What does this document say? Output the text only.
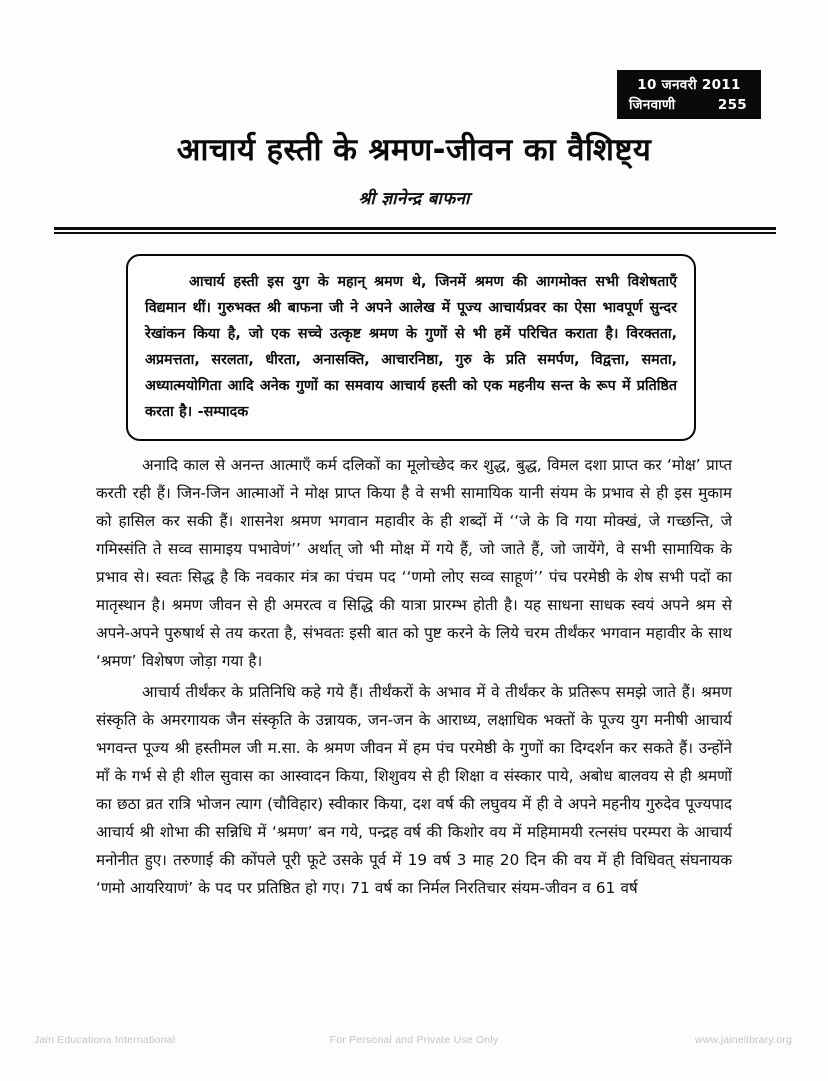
10 जनवरी 2011
जिनवाणी	255
आचार्य हस्ती के श्रमण-जीवन का वैशिष्ट्य

श्री ज्ञानेन्द्र बाफना

आचार्य हस्ती इस युग के महान् श्रमण थे, जिनमें श्रमण की आगमोक्त सभी विशेषताएँ विद्यमान थीं। गुरुभक्त श्री बाफना जी ने अपने आलेख में पूज्य आचार्यप्रवर का ऐसा भावपूर्ण सुन्दर रेखांकन किया है, जो एक सच्चे उत्कृष्ट श्रमण के गुणों से भी हमें परिचित कराता है। विरक्तता, अप्रमत्तता, सरलता, धीरता, अनासक्ति, आचारनिष्ठा, गुरु के प्रति समर्पण, विद्वत्ता, समता, अध्यात्मयोगिता आदि अनेक गुणों का समवाय आचार्य हस्ती को एक महनीय सन्त के रूप में प्रतिष्ठित करता है। -सम्पादक

अनादि काल से अनन्त आत्माएँ कर्म दलिकों का मूलोच्छेद कर शुद्ध, बुद्ध, विमल दशा प्राप्त कर ‘मोक्ष’ प्राप्त करती रही हैं। जिन-जिन आत्माओं ने मोक्ष प्राप्त किया है वे सभी सामायिक यानी संयम के प्रभाव से ही इस मुकाम को हासिल कर सकी हैं। शासनेश श्रमण भगवान महावीर के ही शब्दों में ‘‘जे के वि गया मोक्खं, जे गच्छन्ति, जे गमिस्संति ते सव्व सामाइय पभावेणं’’ अर्थात् जो भी मोक्ष में गये हैं, जो जाते हैं, जो जायेंगे, वे सभी सामायिक के प्रभाव से। स्वतः सिद्ध है कि नवकार मंत्र का पंचम पद ‘‘णमो लोए सव्व साहूणं’’ पंच परमेष्ठी के शेष सभी पदों का मातृस्थान है। श्रमण जीवन से ही अमरत्व व सिद्धि की यात्रा प्रारम्भ होती है। यह साधना साधक स्वयं अपने श्रम से अपने-अपने पुरुषार्थ से तय करता है, संभवतः इसी बात को पुष्ट करने के लिये चरम तीर्थंकर भगवान महावीर के साथ ‘श्रमण’ विशेषण जोड़ा गया है।

आचार्य तीर्थंकर के प्रतिनिधि कहे गये हैं। तीर्थंकरों के अभाव में वे तीर्थंकर के प्रतिरूप समझे जाते हैं। श्रमण संस्कृति के अमरगायक जैन संस्कृति के उन्नायक, जन-जन के आराध्य, लक्षाधिक भक्तों के पूज्य युग मनीषी आचार्य भगवन्त पूज्य श्री हस्तीमल जी म.सा. के श्रमण जीवन में हम पंच परमेष्ठी के गुणों का दिग्दर्शन कर सकते हैं। उन्होंने माँ के गर्भ से ही शील सुवास का आस्वादन किया, शिशुवय से ही शिक्षा व संस्कार पाये, अबोध बालवय से ही श्रमणों का छठा व्रत रात्रि भोजन त्याग (चौविहार) स्वीकार किया, दश वर्ष की लघुवय में ही वे अपने महनीय गुरुदेव पूज्यपाद आचार्य श्री शोभा की सन्निधि में ‘श्रमण’ बन गये, पन्द्रह वर्ष की किशोर वय में महिमामयी रत्नसंघ परम्परा के आचार्य मनोनीत हुए। तरुणाई की कोंपले पूरी फूटे उसके पूर्व में 19 वर्ष 3 माह 20 दिन की वय में ही विधिवत् संघनायक ‘णमो आयरियाणं’ के पद पर प्रतिष्ठित हो गए। 71 वर्ष का निर्मल निरतिचार संयम-जीवन व 61 वर्ष

Jain Educationa International	For Personal and Private Use Only	www.jainelibrary.org
